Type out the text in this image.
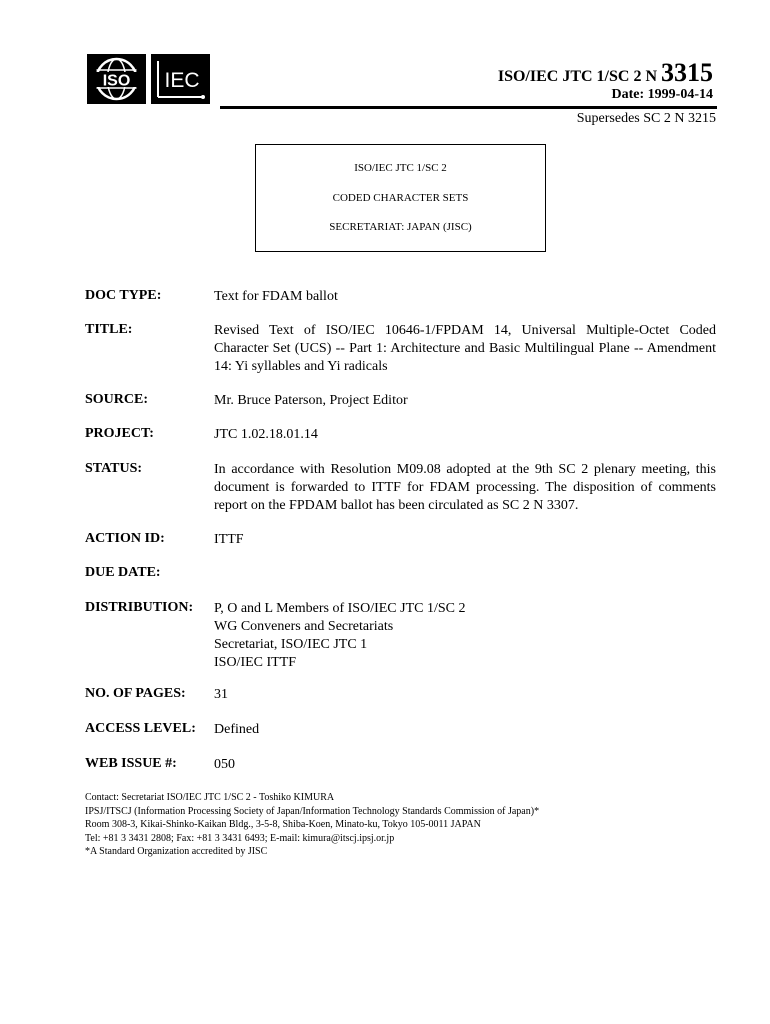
ISO IEC	ISO/IEC JTC 1/SC 2 N 3315
Date: 1999-04-14
Supersedes SC 2 N 3215
ISO/IEC JTC 1/SC 2
CODED CHARACTER SETS
SECRETARIAT: JAPAN (JISC)
DOC TYPE:	Text for FDAM ballot
TITLE:	Revised Text of ISO/IEC 10646-1/FPDAM 14, Universal Multiple-Octet Coded Character Set (UCS) -- Part 1: Architecture and Basic Multilingual Plane -- Amendment 14: Yi syllables and Yi radicals
SOURCE:	Mr. Bruce Paterson, Project Editor
PROJECT:	JTC 1.02.18.01.14
STATUS:	In accordance with Resolution M09.08 adopted at the 9th SC 2 plenary meeting, this document is forwarded to ITTF for FDAM processing. The disposition of comments report on the FPDAM ballot has been circulated as SC 2 N 3307.
ACTION ID:	ITTF
DUE DATE:
DISTRIBUTION: P, O and L Members of ISO/IEC JTC 1/SC 2
WG Conveners and Secretariats
Secretariat, ISO/IEC JTC 1
ISO/IEC ITTF
NO. OF PAGES: 31
ACCESS LEVEL: Defined
WEB ISSUE #:	050
Contact: Secretariat ISO/IEC JTC 1/SC 2 - Toshiko KIMURA
IPSJ/ITSCJ (Information Processing Society of Japan/Information Technology Standards Commission of Japan)*
Room 308-3, Kikai-Shinko-Kaikan Bldg., 3-5-8, Shiba-Koen, Minato-ku, Tokyo 105-0011 JAPAN
Tel: +81 3 3431 2808; Fax: +81 3 3431 6493; E-mail: kimura@itscj.ipsj.or.jp
*A Standard Organization accredited by JISC
